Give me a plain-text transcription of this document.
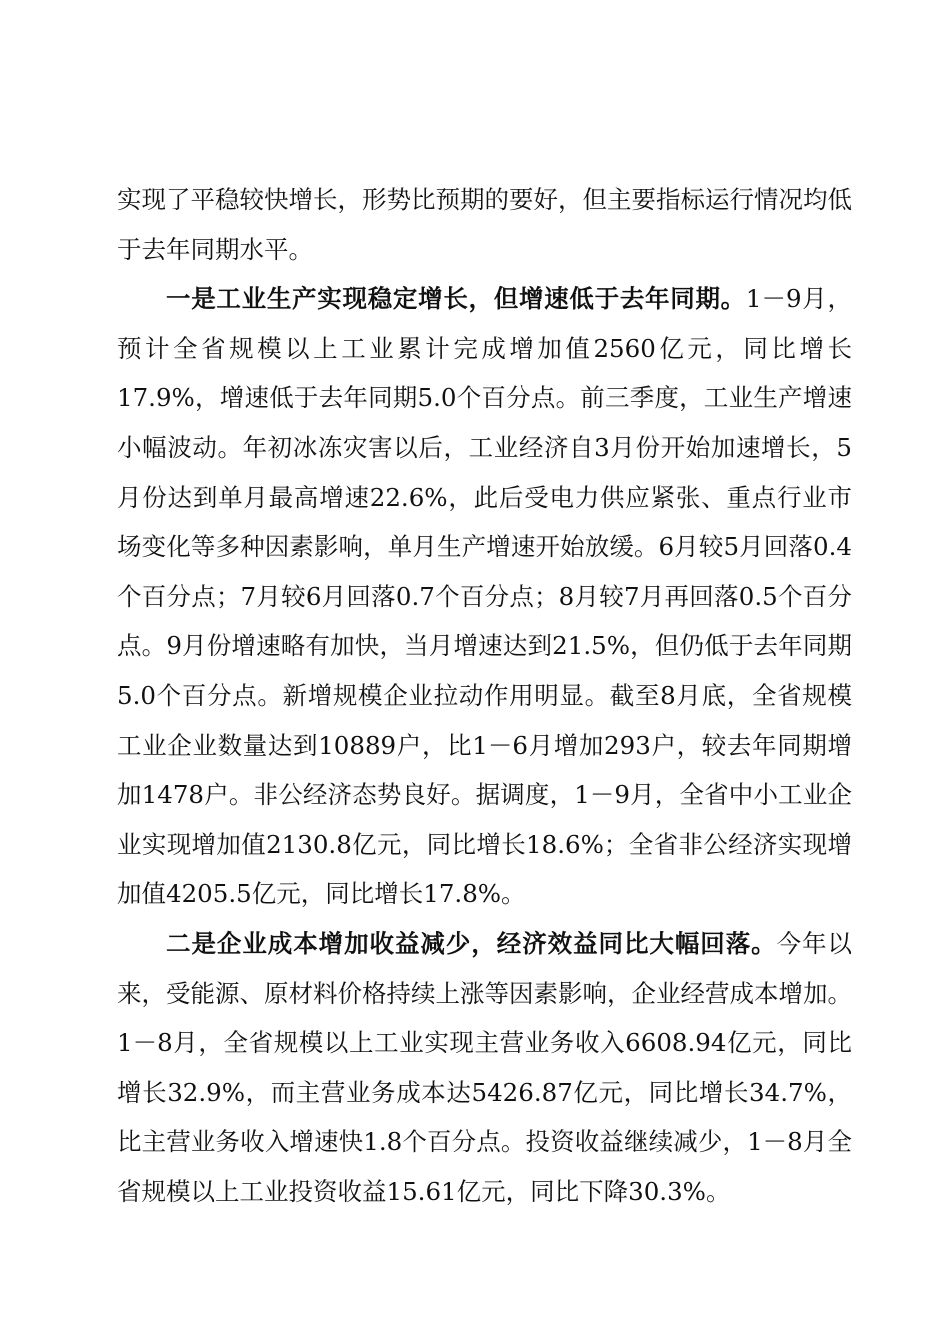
实现了平稳较快增长，形势比预期的要好，但主要指标运行情况均低于去年同期水平。

一是工业生产实现稳定增长，但增速低于去年同期。1－9月，预计全省规模以上工业累计完成增加值2560亿元，同比增长17.9%，增速低于去年同期5.0个百分点。前三季度，工业生产增速小幅波动。年初冰冻灾害以后，工业经济自3月份开始加速增长，5月份达到单月最高增速22.6%，此后受电力供应紧张、重点行业市场变化等多种因素影响，单月生产增速开始放缓。6月较5月回落0.4个百分点；7月较6月回落0.7个百分点；8月较7月再回落0.5个百分点。9月份增速略有加快，当月增速达到21.5%，但仍低于去年同期5.0个百分点。新增规模企业拉动作用明显。截至8月底，全省规模工业企业数量达到10889户，比1－6月增加293户，较去年同期增加1478户。非公经济态势良好。据调度，1－9月，全省中小工业企业实现增加值2130.8亿元，同比增长18.6%；全省非公经济实现增加值4205.5亿元，同比增长17.8%。

二是企业成本增加收益减少，经济效益同比大幅回落。今年以来，受能源、原材料价格持续上涨等因素影响，企业经营成本增加。1－8月，全省规模以上工业实现主营业务收入6608.94亿元，同比增长32.9%，而主营业务成本达5426.87亿元，同比增长34.7%，比主营业务收入增速快1.8个百分点。投资收益继续减少，1－8月全省规模以上工业投资收益15.61亿元，同比下降30.3%。
